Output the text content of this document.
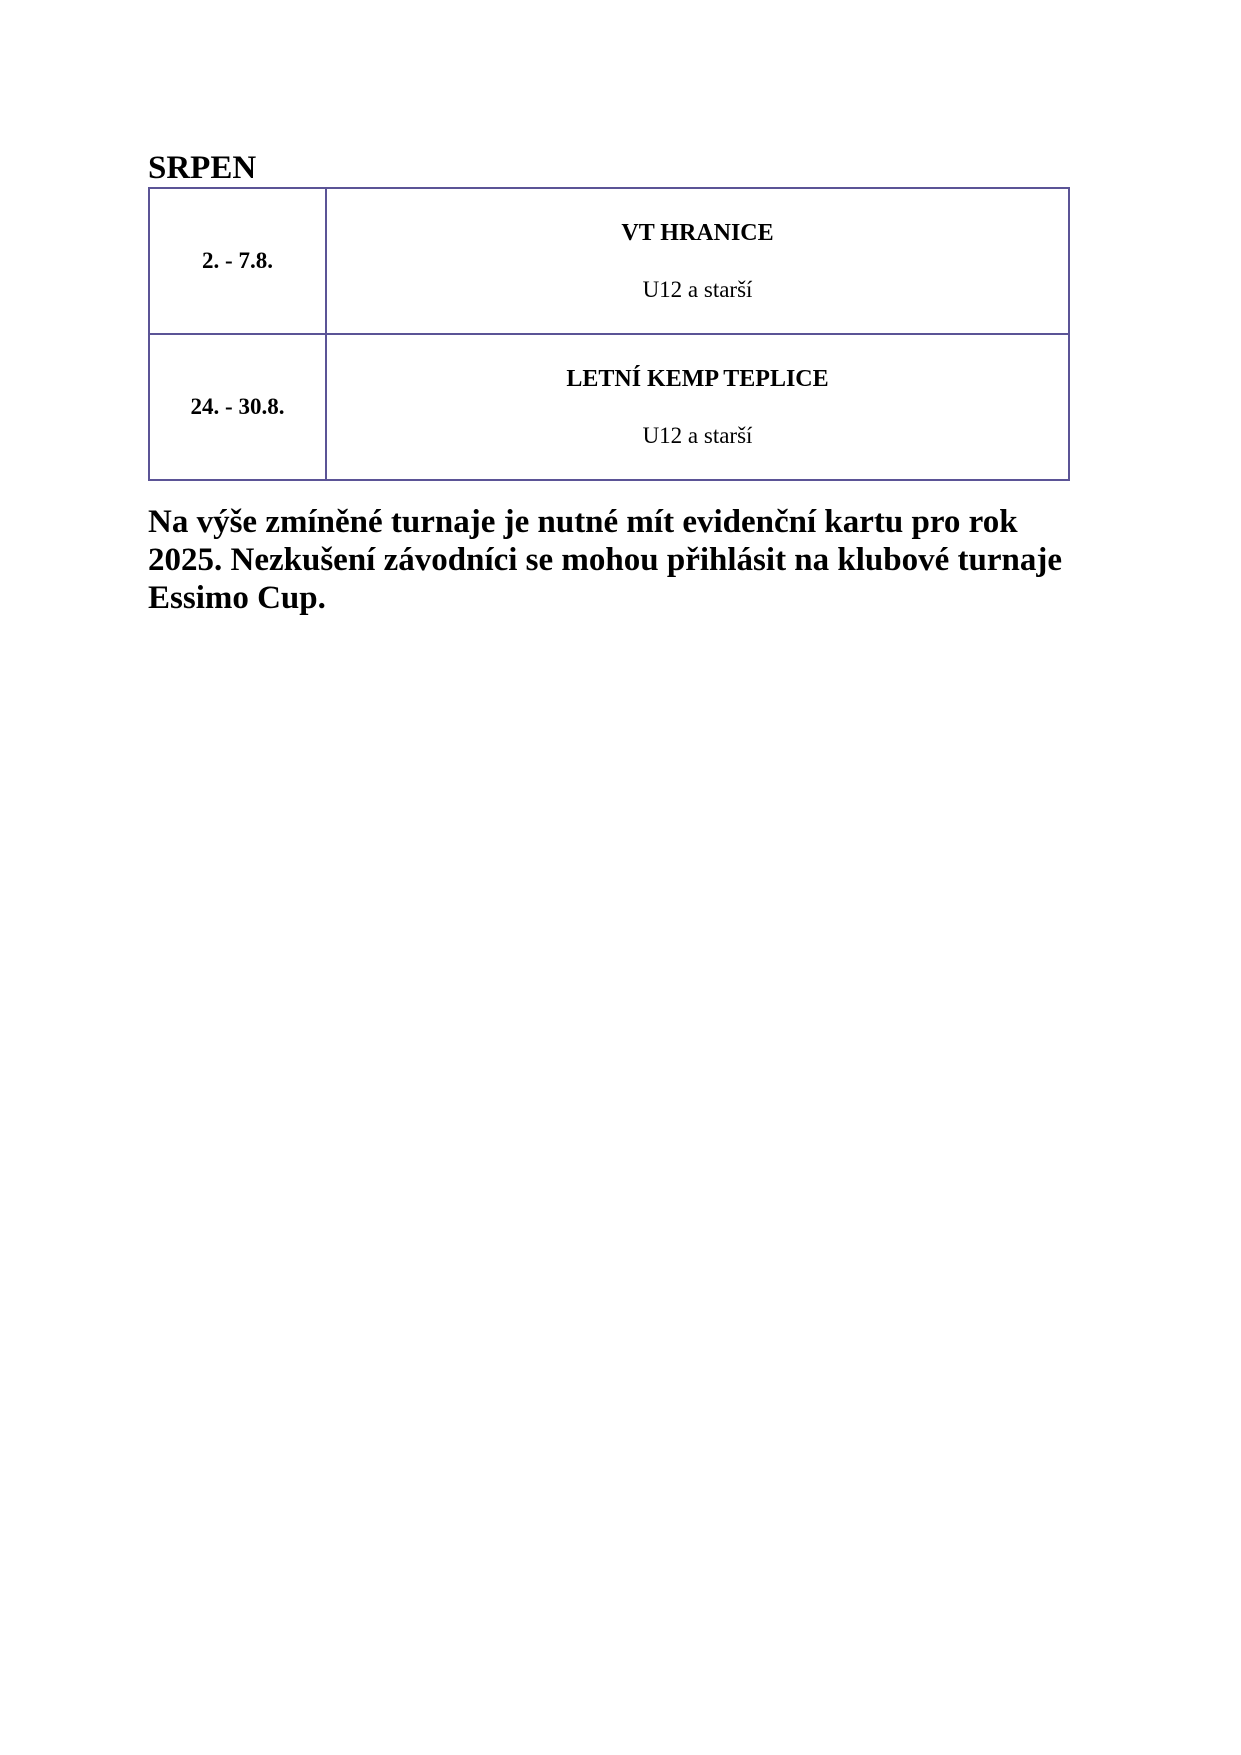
SRPEN
2. - 7.8.	VT HRANICE
U12 a starší

24. - 30.8.	LETNÍ KEMP TEPLICE
U12 a starší

Na výše zmíněné turnaje je nutné mít evidenční kartu pro rok 2025. Nezkušení závodníci se mohou přihlásit na klubové turnaje Essimo Cup.
